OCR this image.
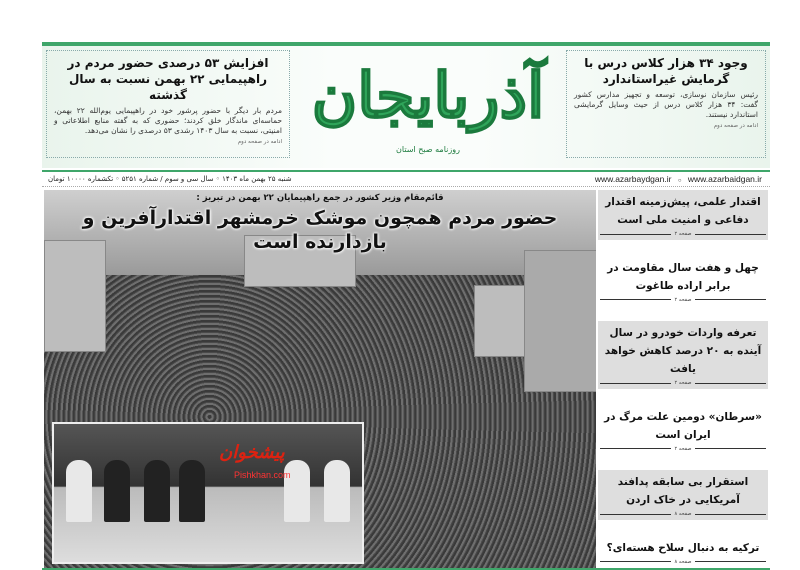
افزایش ۵۳ درصدی حضور مردم در راهپیمایی ۲۲ بهمن نسبت به سال گذشته

مردم بار دیگر با حضور پرشور خود در راهپیمایی یوم‌الله ۲۲ بهمن، حماسه‌ای ماندگار خلق کردند؛ حضوری که به گفته منابع اطلاعاتی و امنیتی، نسبت به سال ۱۴۰۳ رشدی ۵۳ درصدی را نشان می‌دهد.

ادامه در صفحه دوم
آذربایجان
روزنامه صبح استان
وجود ۳۴ هزار کلاس درس با گرمایش غیراستاندارد

رئیس سازمان نوسازی، توسعه و تجهیز مدارس کشور گفت: ۳۴ هزار کلاس درس از حیث وسایل گرمایشی استاندارد نیستند.

ادامه در صفحه دوم
شنبه ۲۵ بهمن ماه ۱۴۰۳ ◦ سال سی و سوم / شماره ۵۲۵۱ ◦ تکشماره ۱۰۰۰۰ تومان	www.azarbaydgan.ir ○ www.azarbaidgan.ir
قائم‌مقام وزیر کشور در جمع راهپیمایان ۲۲ بهمن در تبریز :
حضور مردم همچون موشک خرمشهر اقتدارآفرین و بازدارنده است
پیشخوان
Pishkhan.com
اقتدار علمی، پیش‌زمینه اقتدار دفاعی و امنیت ملی است
صفحه ۲
چهل و هفت سال مقاومت در برابر اراده طاغوت
صفحه ۲
تعرفه واردات خودرو در سال آینده به ۲۰ درصد کاهش خواهد یافت
صفحه ۲
«سرطان» دومین علت مرگ در ایران است
صفحه ۲
استقرار بی سابقه پدافند آمریکایی در خاک اردن
صفحه ۸
ترکیه به دنبال سلاح هسته‌ای؟
صفحه ۸
